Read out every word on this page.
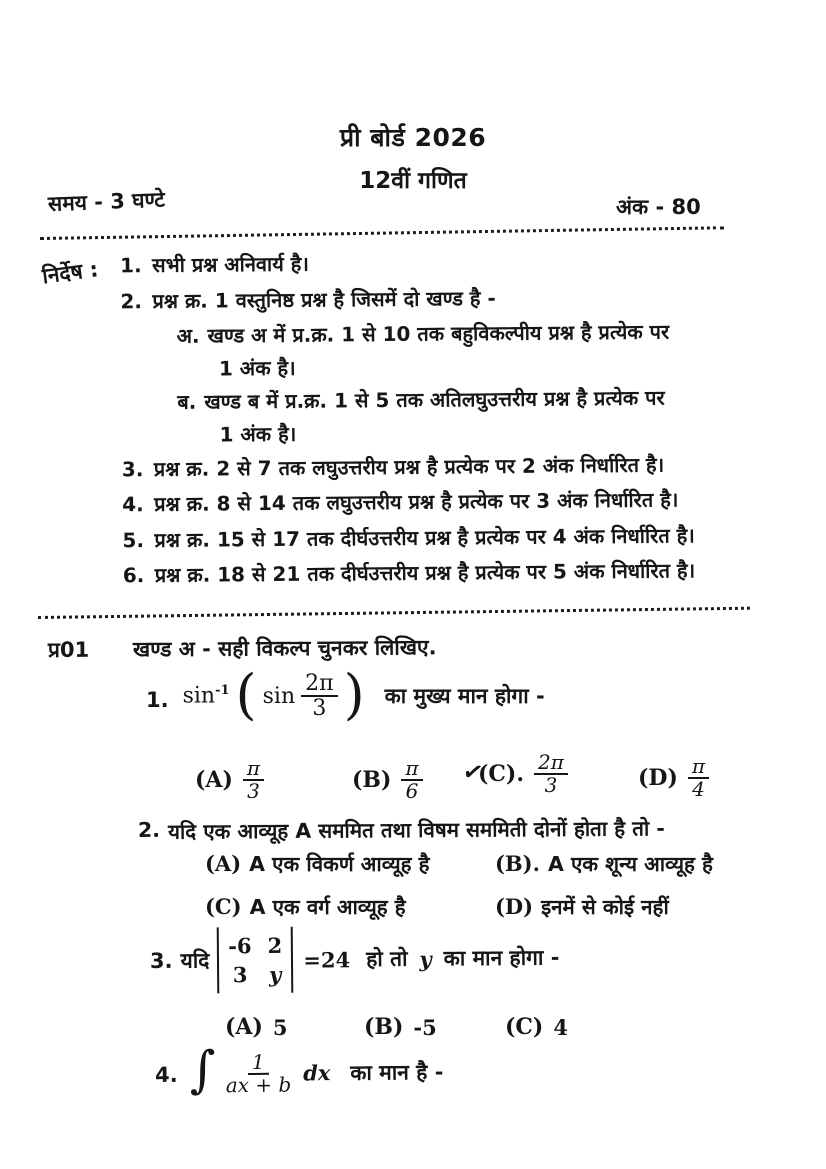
प्री बोर्ड 2026
12वीं गणित
समय - 3 घण्टे	अंक - 80
निर्देष : 1. सभी प्रश्न अनिवार्य है।
2. प्रश्न क्र. 1 वस्तुनिष्ठ प्रश्न है जिसमें दो खण्ड है -
अ. खण्ड अ में प्र.क्र. 1 से 10 तक बहुविकल्पीय प्रश्न है प्रत्येक पर
1 अंक है।
ब. खण्ड ब में प्र.क्र. 1 से 5 तक अतिलघुउत्तरीय प्रश्न है प्रत्येक पर
1 अंक है।
3. प्रश्न क्र. 2 से 7 तक लघुउत्तरीय प्रश्न है प्रत्येक पर 2 अंक निर्धारित है।
4. प्रश्न क्र. 8 से 14 तक लघुउत्तरीय प्रश्न है प्रत्येक पर 3 अंक निर्धारित है।
5. प्रश्न क्र. 15 से 17 तक दीर्घउत्तरीय प्रश्न है प्रत्येक पर 4 अंक निर्धारित है।
6. प्रश्न क्र. 18 से 21 तक दीर्घउत्तरीय प्रश्न है प्रत्येक पर 5 अंक निर्धारित है।
प्र01 खण्ड अ - सही विकल्प चुनकर लिखिए.
1. $\sin^{-1}$ ( $\sin \frac{2\pi}{3}$ ) का मुख्य मान होगा -
$(A) \frac{\pi}{3}$	$(B) \frac{\pi}{6}$ ✓
(C). $\frac{2\pi}{3}$	$(D) \frac{\pi}{4}$
2. यदि एक आव्यूह A सममित तथा विषम सममिती दोनों होता है तो -
(A) A एक विकर्ण आव्यूह है	(B). A एक शून्य आव्यूह है
(C) A एक वर्ग आव्यूह है	(D) इनमें से कोई नहीं
3. यदि
-6 2
3 y
=24 हो तो y का मान होगा -
(A) 5	(B) -5	(C) 4
4. ∫ $\frac{1}{ax + b}$ dx का मान है -
